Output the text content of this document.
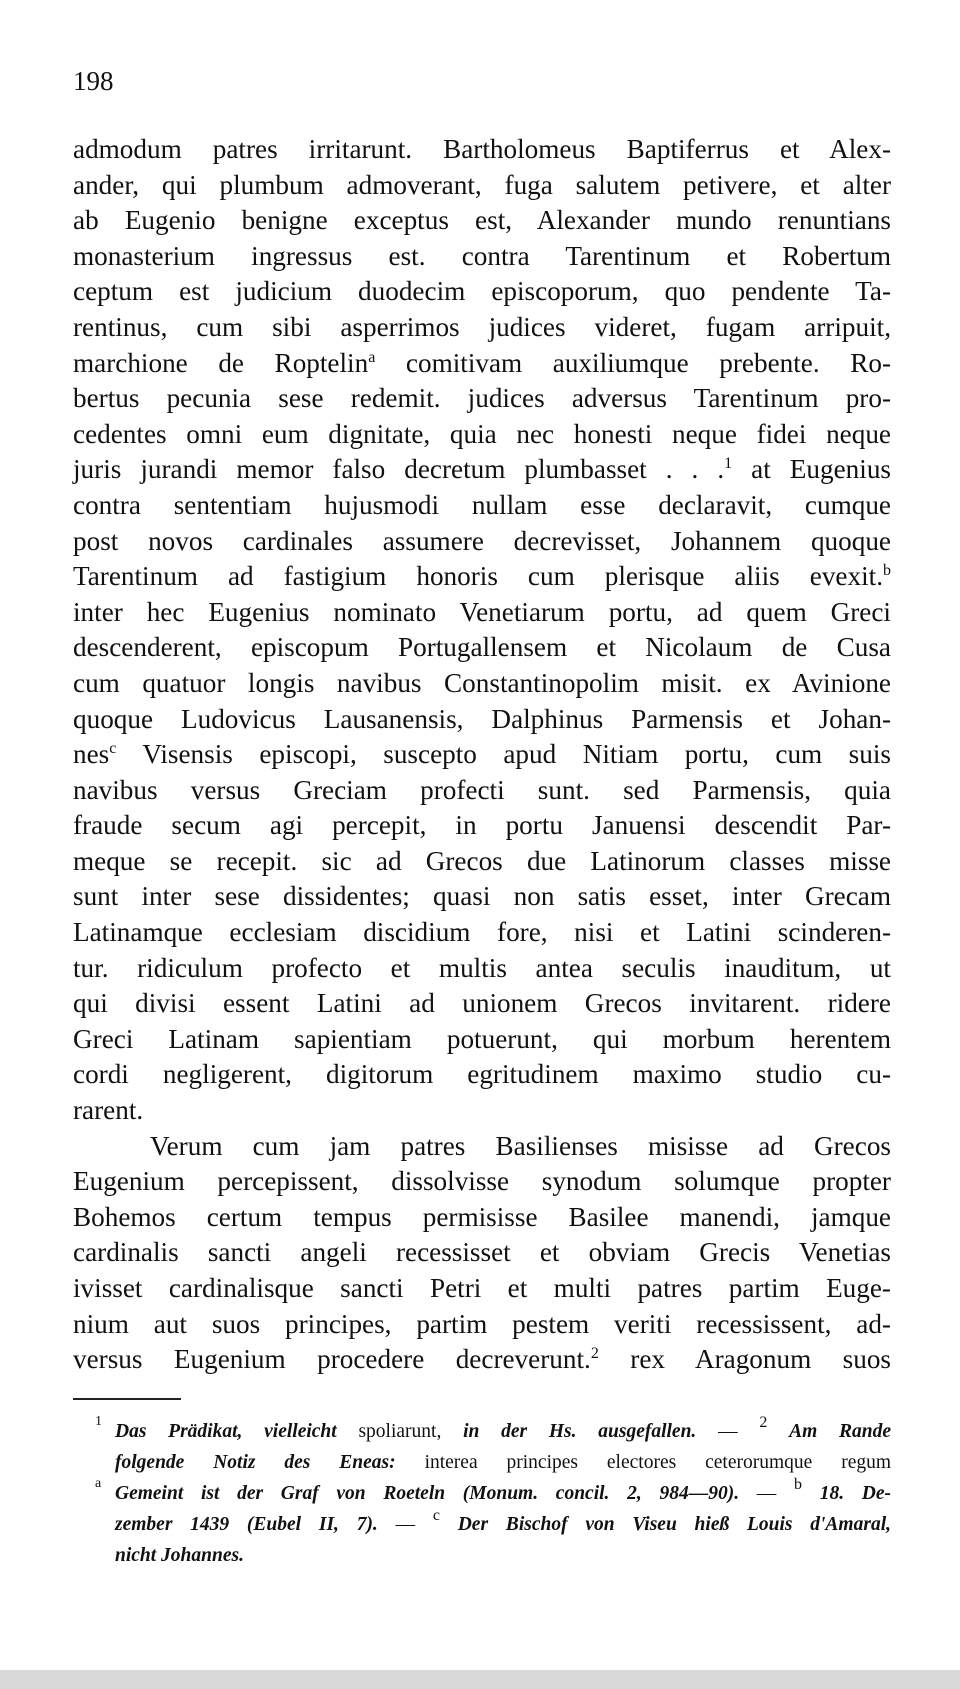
198
admodum patres irritarunt. Bartholomeus Baptiferrus et Alex-
ander, qui plumbum admoverant, fuga salutem petivere, et alter
ab Eugenio benigne exceptus est, Alexander mundo renuntians
monasterium ingressus est. contra Tarentinum et Robertum
ceptum est judicium duodecim episcoporum, quo pendente Ta-
rentinus, cum sibi asperrimos judices videret, fugam arripuit,
marchione de Roptelin$^a$ comitivam auxiliumque prebente. Ro-
bertus pecunia sese redemit. judices adversus Tarentinum pro-
cedentes omni eum dignitate, quia nec honesti neque fidei neque
juris jurandi memor falso decretum plumbasset . . .$^1$ at Eugenius
contra sententiam hujusmodi nullam esse declaravit, cumque
post novos cardinales assumere decrevisset, Johannem quoque
Tarentinum ad fastigium honoris cum plerisque aliis evexit.$^b$
inter hec Eugenius nominato Venetiarum portu, ad quem Greci
descenderent, episcopum Portugallensem et Nicolaum de Cusa
cum quatuor longis navibus Constantinopolim misit. ex Avinione
quoque Ludovicus Lausanensis, Dalphinus Parmensis et Johan-
nes$^c$ Visensis episcopi, suscepto apud Nitiam portu, cum suis
navibus versus Greciam profecti sunt. sed Parmensis, quia
fraude secum agi percepit, in portu Januensi descendit Par-
meque se recepit. sic ad Grecos due Latinorum classes misse
sunt inter sese dissidentes; quasi non satis esset, inter Grecam
Latinamque ecclesiam discidium fore, nisi et Latini scinderen-
tur. ridiculum profecto et multis antea seculis inauditum, ut
qui divisi essent Latini ad unionem Grecos invitarent. ridere
Greci Latinam sapientiam potuerunt, qui morbum herentem
cordi negligerent, digitorum egritudinem maximo studio cu-
rarent.
Verum cum jam patres Basilienses misisse ad Grecos
Eugenium percepissent, dissolvisse synodum solumque propter
Bohemos certum tempus permisisse Basilee manendi, jamque
cardinalis sancti angeli recessisset et obviam Grecis Venetias
ivisset cardinalisque sancti Petri et multi patres partim Euge-
nium aut suos principes, partim pestem veriti recessissent, ad-
versus Eugenium procedere decreverunt.$^2$ rex Aragonum suos
1 Das Prädikat, vielleicht spoliarunt, in der Hs. ausgefallen. — $^2$ Am Rande
folgende Notiz des Eneas: interea principes electores ceterorumque regum
a Gemeint ist der Graf von Roeteln (Monum. concil. 2, 984—90). — $^b$ 18. De-
zember 1439 (Eubel II, 7). — $^c$ Der Bischof von Viseu hieß Louis d'Amaral,
nicht Johannes.
